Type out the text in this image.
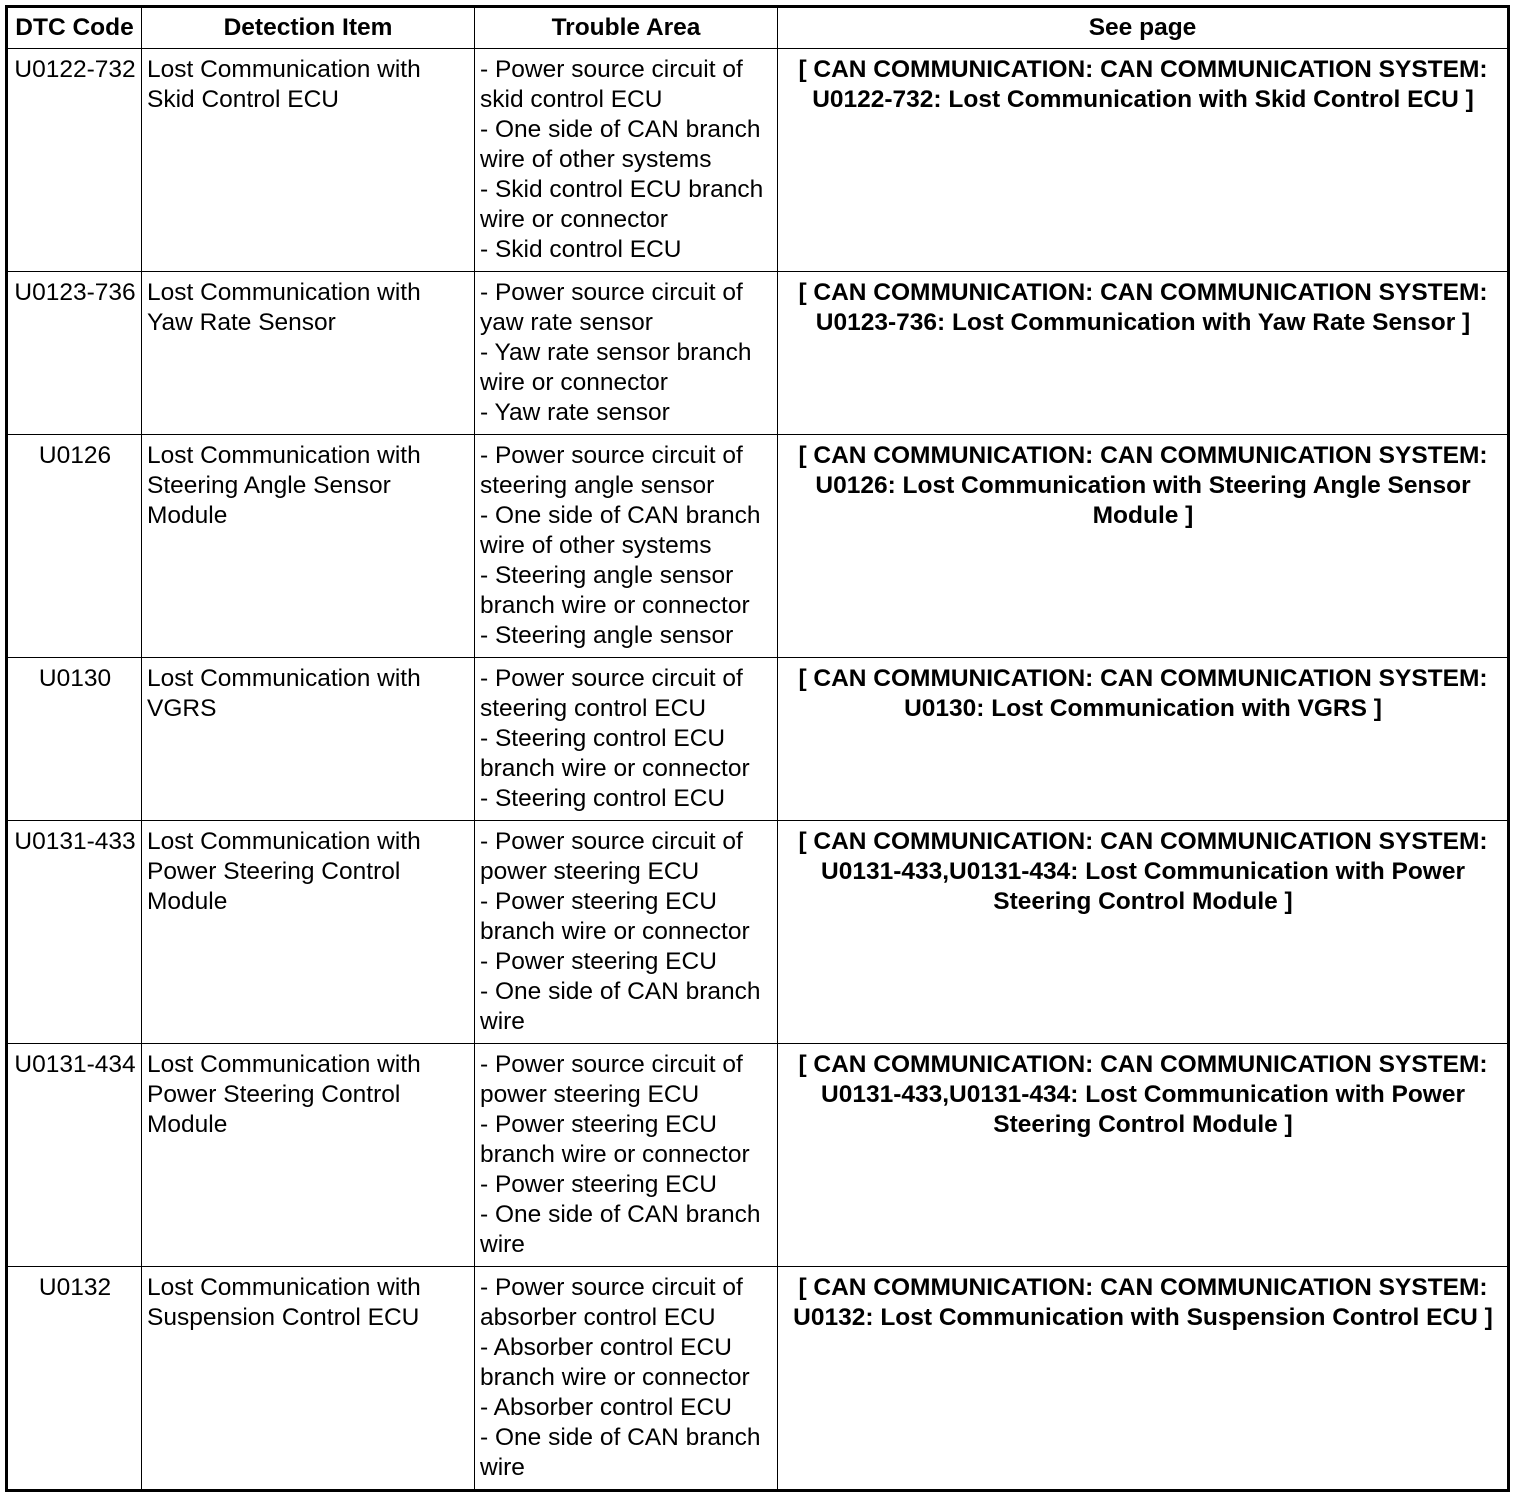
DTC Code	Detection Item	Trouble Area	See page
U0122-732	Lost Communication with Skid Control ECU	- Power source circuit of skid control ECU
- One side of CAN branch wire of other systems
- Skid control ECU branch wire or connector
- Skid control ECU	[ CAN COMMUNICATION: CAN COMMUNICATION SYSTEM: U0122-732: Lost Communication with Skid Control ECU ]
U0123-736	Lost Communication with Yaw Rate Sensor	- Power source circuit of yaw rate sensor
- Yaw rate sensor branch wire or connector
- Yaw rate sensor	[ CAN COMMUNICATION: CAN COMMUNICATION SYSTEM: U0123-736: Lost Communication with Yaw Rate Sensor ]
U0126	Lost Communication with Steering Angle Sensor Module	- Power source circuit of steering angle sensor
- One side of CAN branch wire of other systems
- Steering angle sensor branch wire or connector
- Steering angle sensor	[ CAN COMMUNICATION: CAN COMMUNICATION SYSTEM: U0126: Lost Communication with Steering Angle Sensor Module ]
U0130	Lost Communication with VGRS	- Power source circuit of steering control ECU
- Steering control ECU branch wire or connector
- Steering control ECU	[ CAN COMMUNICATION: CAN COMMUNICATION SYSTEM: U0130: Lost Communication with VGRS ]
U0131-433	Lost Communication with Power Steering Control Module	- Power source circuit of power steering ECU
- Power steering ECU branch wire or connector
- Power steering ECU
- One side of CAN branch wire	[ CAN COMMUNICATION: CAN COMMUNICATION SYSTEM: U0131-433,U0131-434: Lost Communication with Power Steering Control Module ]
U0131-434	Lost Communication with Power Steering Control Module	- Power source circuit of power steering ECU
- Power steering ECU branch wire or connector
- Power steering ECU
- One side of CAN branch wire	[ CAN COMMUNICATION: CAN COMMUNICATION SYSTEM: U0131-433,U0131-434: Lost Communication with Power Steering Control Module ]
U0132	Lost Communication with Suspension Control ECU	- Power source circuit of absorber control ECU
- Absorber control ECU branch wire or connector
- Absorber control ECU
- One side of CAN branch wire	[ CAN COMMUNICATION: CAN COMMUNICATION SYSTEM: U0132: Lost Communication with Suspension Control ECU ]
